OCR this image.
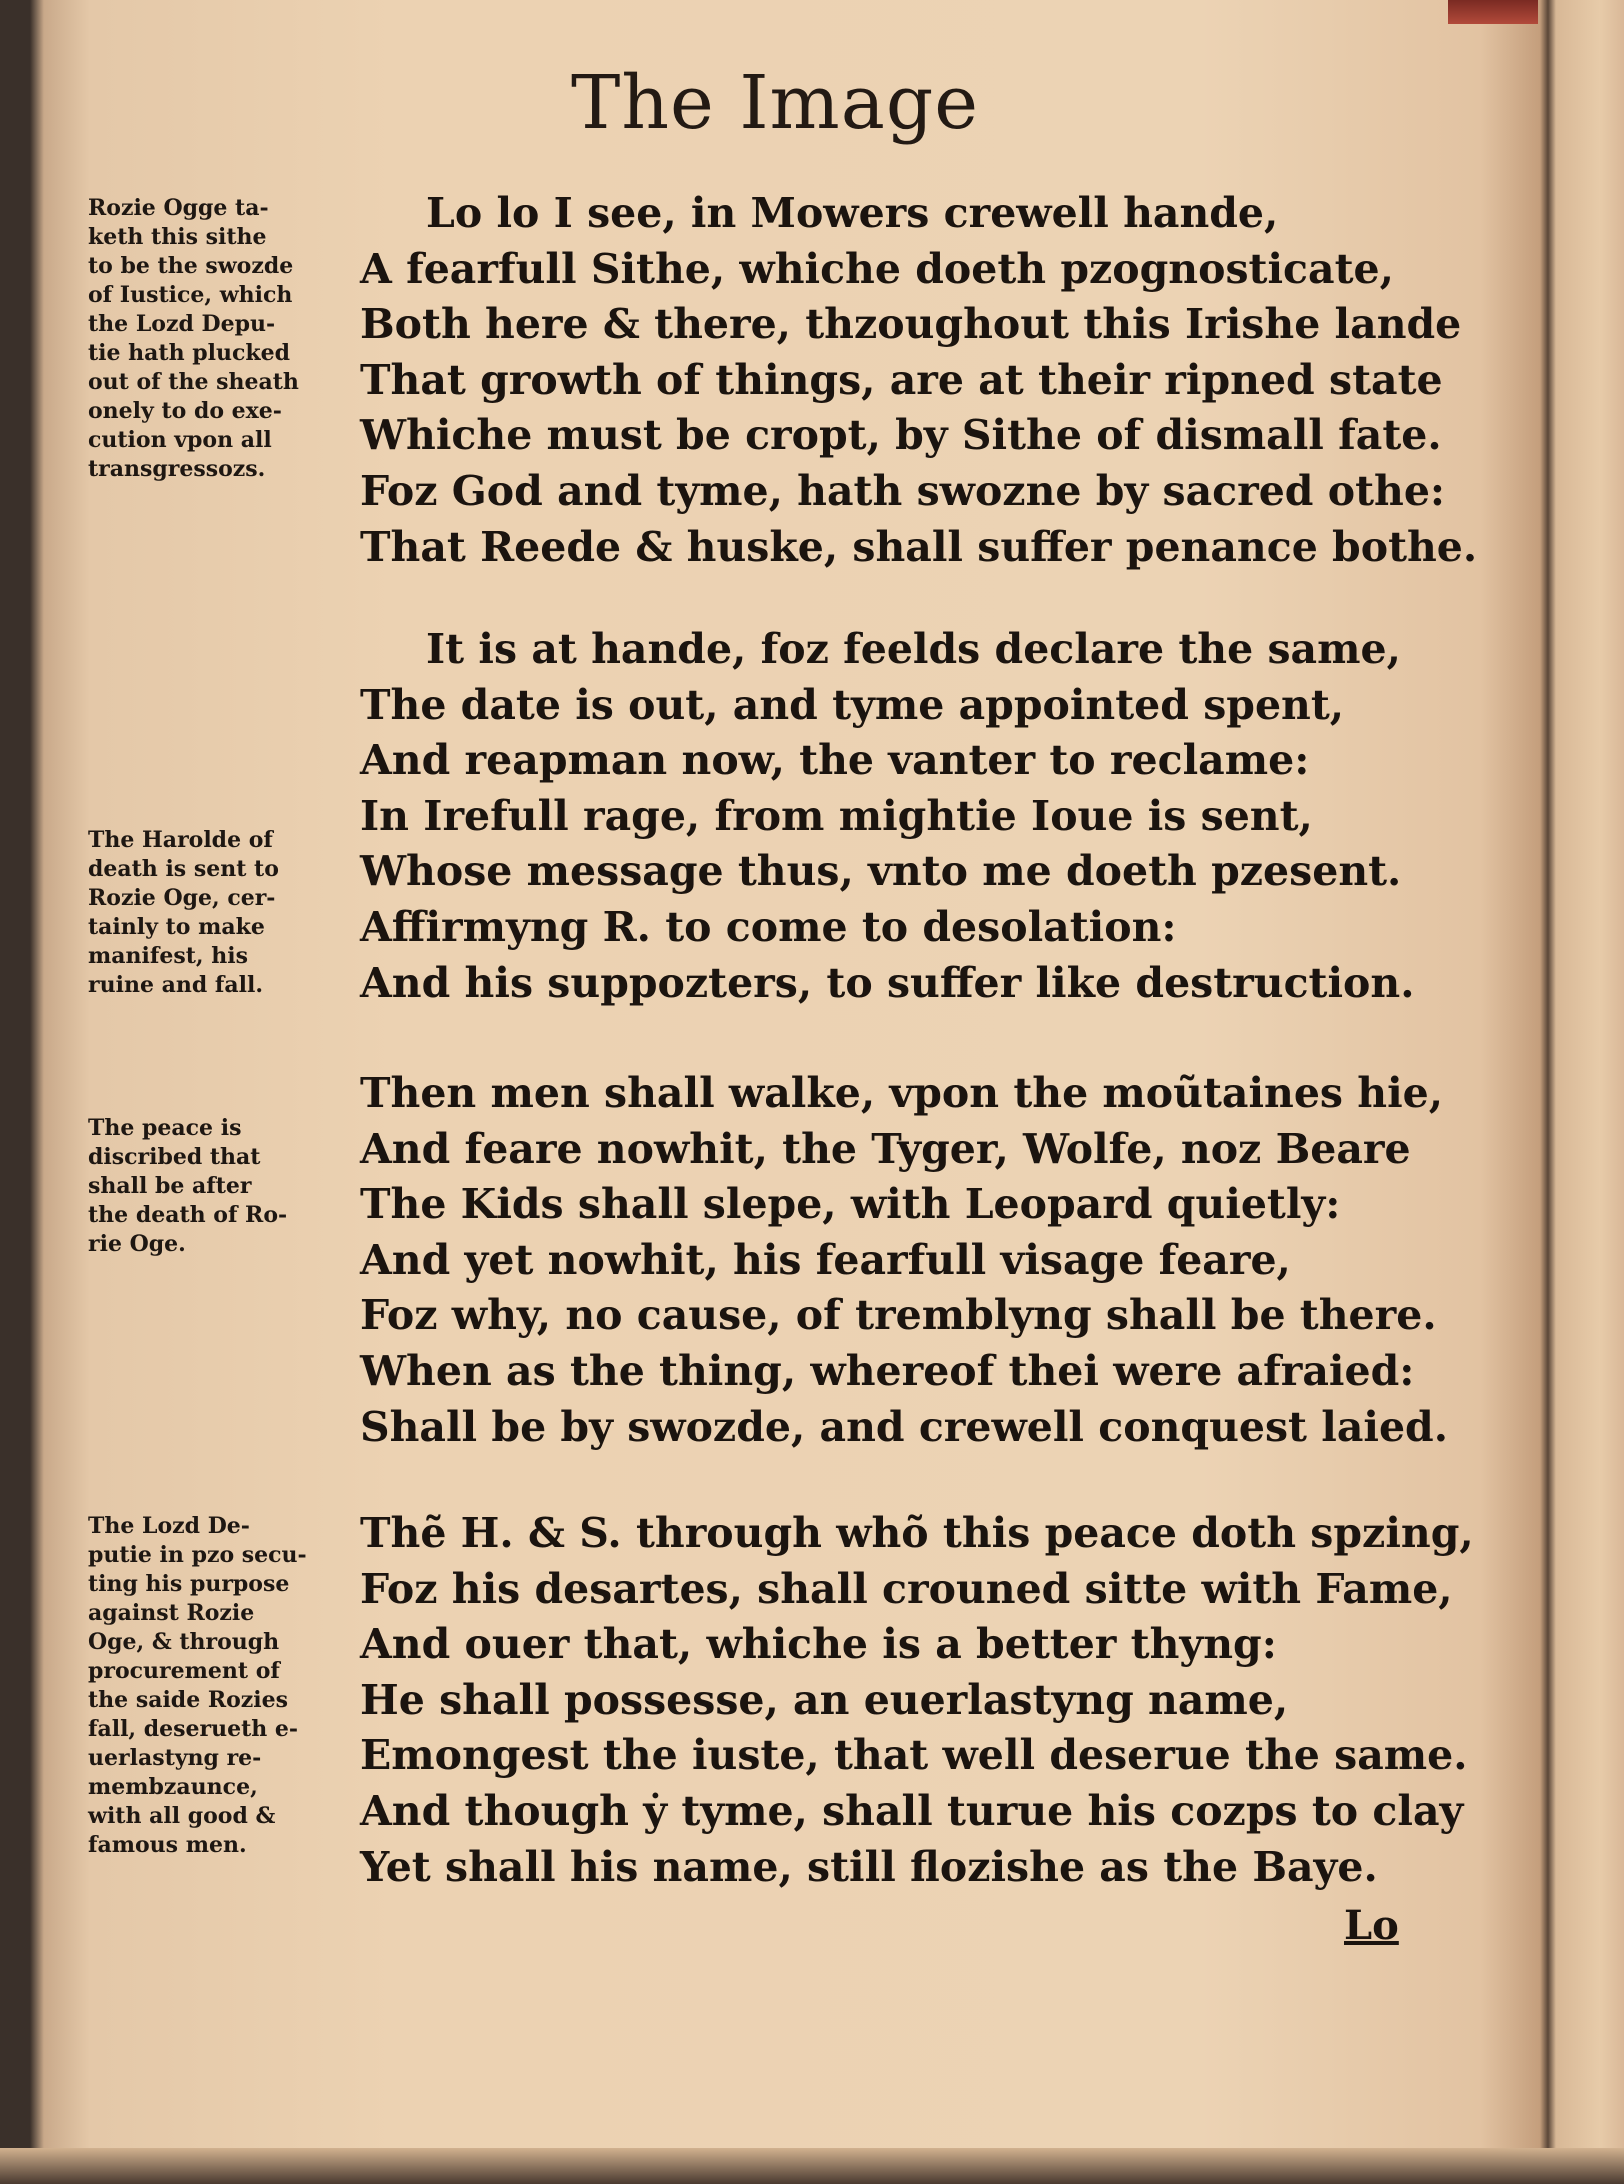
The Image
Rozie Ogge ta-
keth this sithe
to be the swozde
of Iustice, which
the Lozd Depu-
tie hath plucked
out of the sheath
onely to do exe-
cution vpon all
transgressozs.
The Harolde of
death is sent to
Rozie Oge, cer-
tainly to make
manifest, his
ruine and fall.
The peace is
discribed that
shall be after
the death of Ro-
rie Oge.
The Lozd De-
putie in pzo secu-
ting his purpose
against Rozie
Oge, & through
procurement of
the saide Rozies
fall, deserueth e-
uerlastyng re-
membzaunce,
with all good &
famous men.
Lo lo I see, in Mowers crewell hande,
A fearfull Sithe, whiche doeth pzognosticate,
Both here & there, thzoughout this Irishe lande
That growth of things, are at their ripned state
Whiche must be cropt, by Sithe of dismall fate.
Foz God and tyme, hath swozne by sacred othe:
That Reede & huske, shall suffer penance bothe.
It is at hande, foz feelds declare the same,
The date is out, and tyme appointed spent,
And reapman now, the vanter to reclame:
In Irefull rage, from mightie Ioue is sent,
Whose message thus, vnto me doeth pzesent.
Affirmyng R. to come to desolation:
And his suppozters, to suffer like destruction.
Then men shall walke, vpon the moũtaines hie,
And feare nowhit, the Tyger, Wolfe, noz Beare
The Kids shall slepe, with Leopard quietly:
And yet nowhit, his fearfull visage feare,
Foz why, no cause, of tremblyng shall be there.
When as the thing, whereof thei were afraied:
Shall be by swozde, and crewell conquest laied.
Thẽ H. & S. through whõ this peace doth spzing,
Foz his desartes, shall crouned sitte with Fame,
And ouer that, whiche is a better thyng:
He shall possesse, an euerlastyng name,
Emongest the iuste, that well deserue the same.
And though ẏ tyme, shall turue his cozps to clay
Yet shall his name, still flozishe as the Baye.
Lo
